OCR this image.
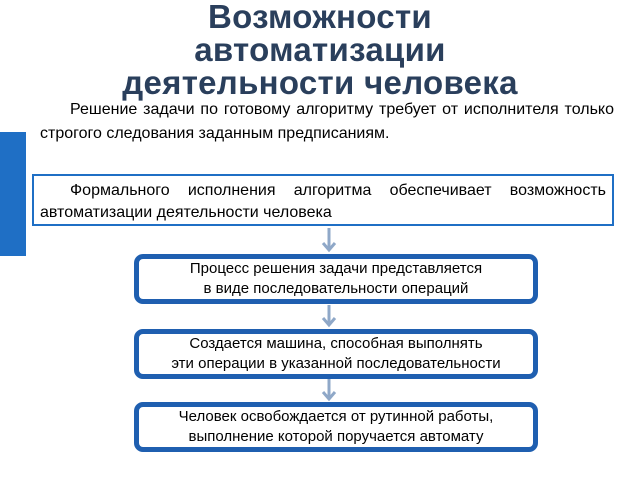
Возможности
автоматизации
деятельности человека
Решение задачи по готовому алгоритму требует от исполнителя только строгого следования заданным предписаниям.
Формального исполнения алгоритма обеспечивает возможность автоматизации деятельности человека
Процесс решения задачи представляется
в виде последовательности операций
Создается машина, способная выполнять
эти операции в указанной последовательности
Человек освобождается от рутинной работы,
выполнение которой поручается автомату
